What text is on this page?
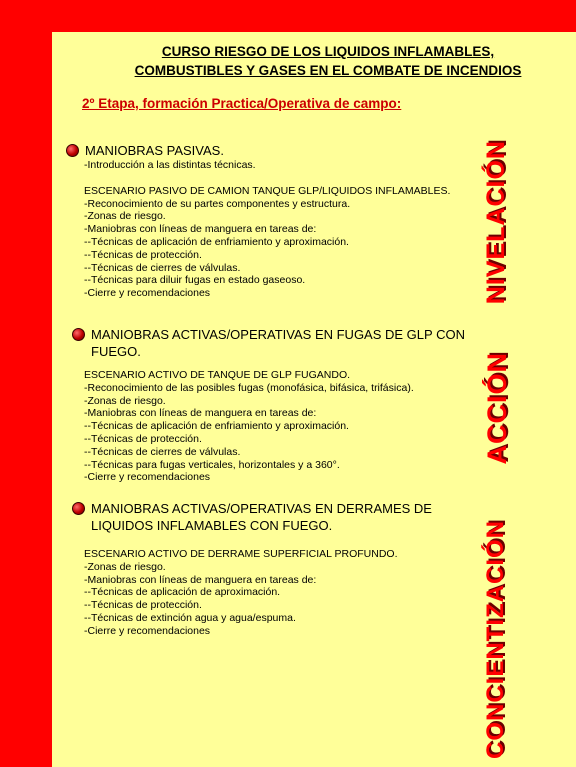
CURSO RIESGO DE LOS LIQUIDOS INFLAMABLES,
COMBUSTIBLES Y GASES EN EL COMBATE DE INCENDIOS
2º Etapa, formación Practica/Operativa de campo:
MANIOBRAS PASIVAS.
-Introducción a las distintas técnicas.
ESCENARIO PASIVO DE CAMION TANQUE GLP/LIQUIDOS INFLAMABLES.
-Reconocimiento de su partes componentes y estructura.
-Zonas de riesgo.
-Maniobras con líneas de manguera en tareas de:
--Técnicas de aplicación de enfriamiento y aproximación.
--Técnicas de protección.
--Técnicas de cierres de válvulas.
--Técnicas para diluir fugas en estado gaseoso.
-Cierre y recomendaciones
MANIOBRAS ACTIVAS/OPERATIVAS EN FUGAS DE GLP CON FUEGO.
ESCENARIO ACTIVO DE TANQUE DE GLP FUGANDO.
-Reconocimiento de las posibles fugas (monofásica, bifásica, trifásica).
-Zonas de riesgo.
-Maniobras con líneas de manguera en tareas de:
--Técnicas de aplicación de enfriamiento y aproximación.
--Técnicas de protección.
--Técnicas de cierres de válvulas.
--Técnicas para fugas verticales, horizontales y a 360°.
-Cierre y recomendaciones
MANIOBRAS ACTIVAS/OPERATIVAS EN DERRAMES DE LIQUIDOS INFLAMABLES CON FUEGO.
ESCENARIO ACTIVO DE DERRAME SUPERFICIAL PROFUNDO.
-Zonas de riesgo.
-Maniobras con líneas de manguera en tareas de:
--Técnicas de aplicación de aproximación.
--Técnicas de protección.
--Técnicas de extinción agua y agua/espuma.
-Cierre y recomendaciones
NIVELACIÓN
ACCIÓN
CONCIENTIZACIÓN
